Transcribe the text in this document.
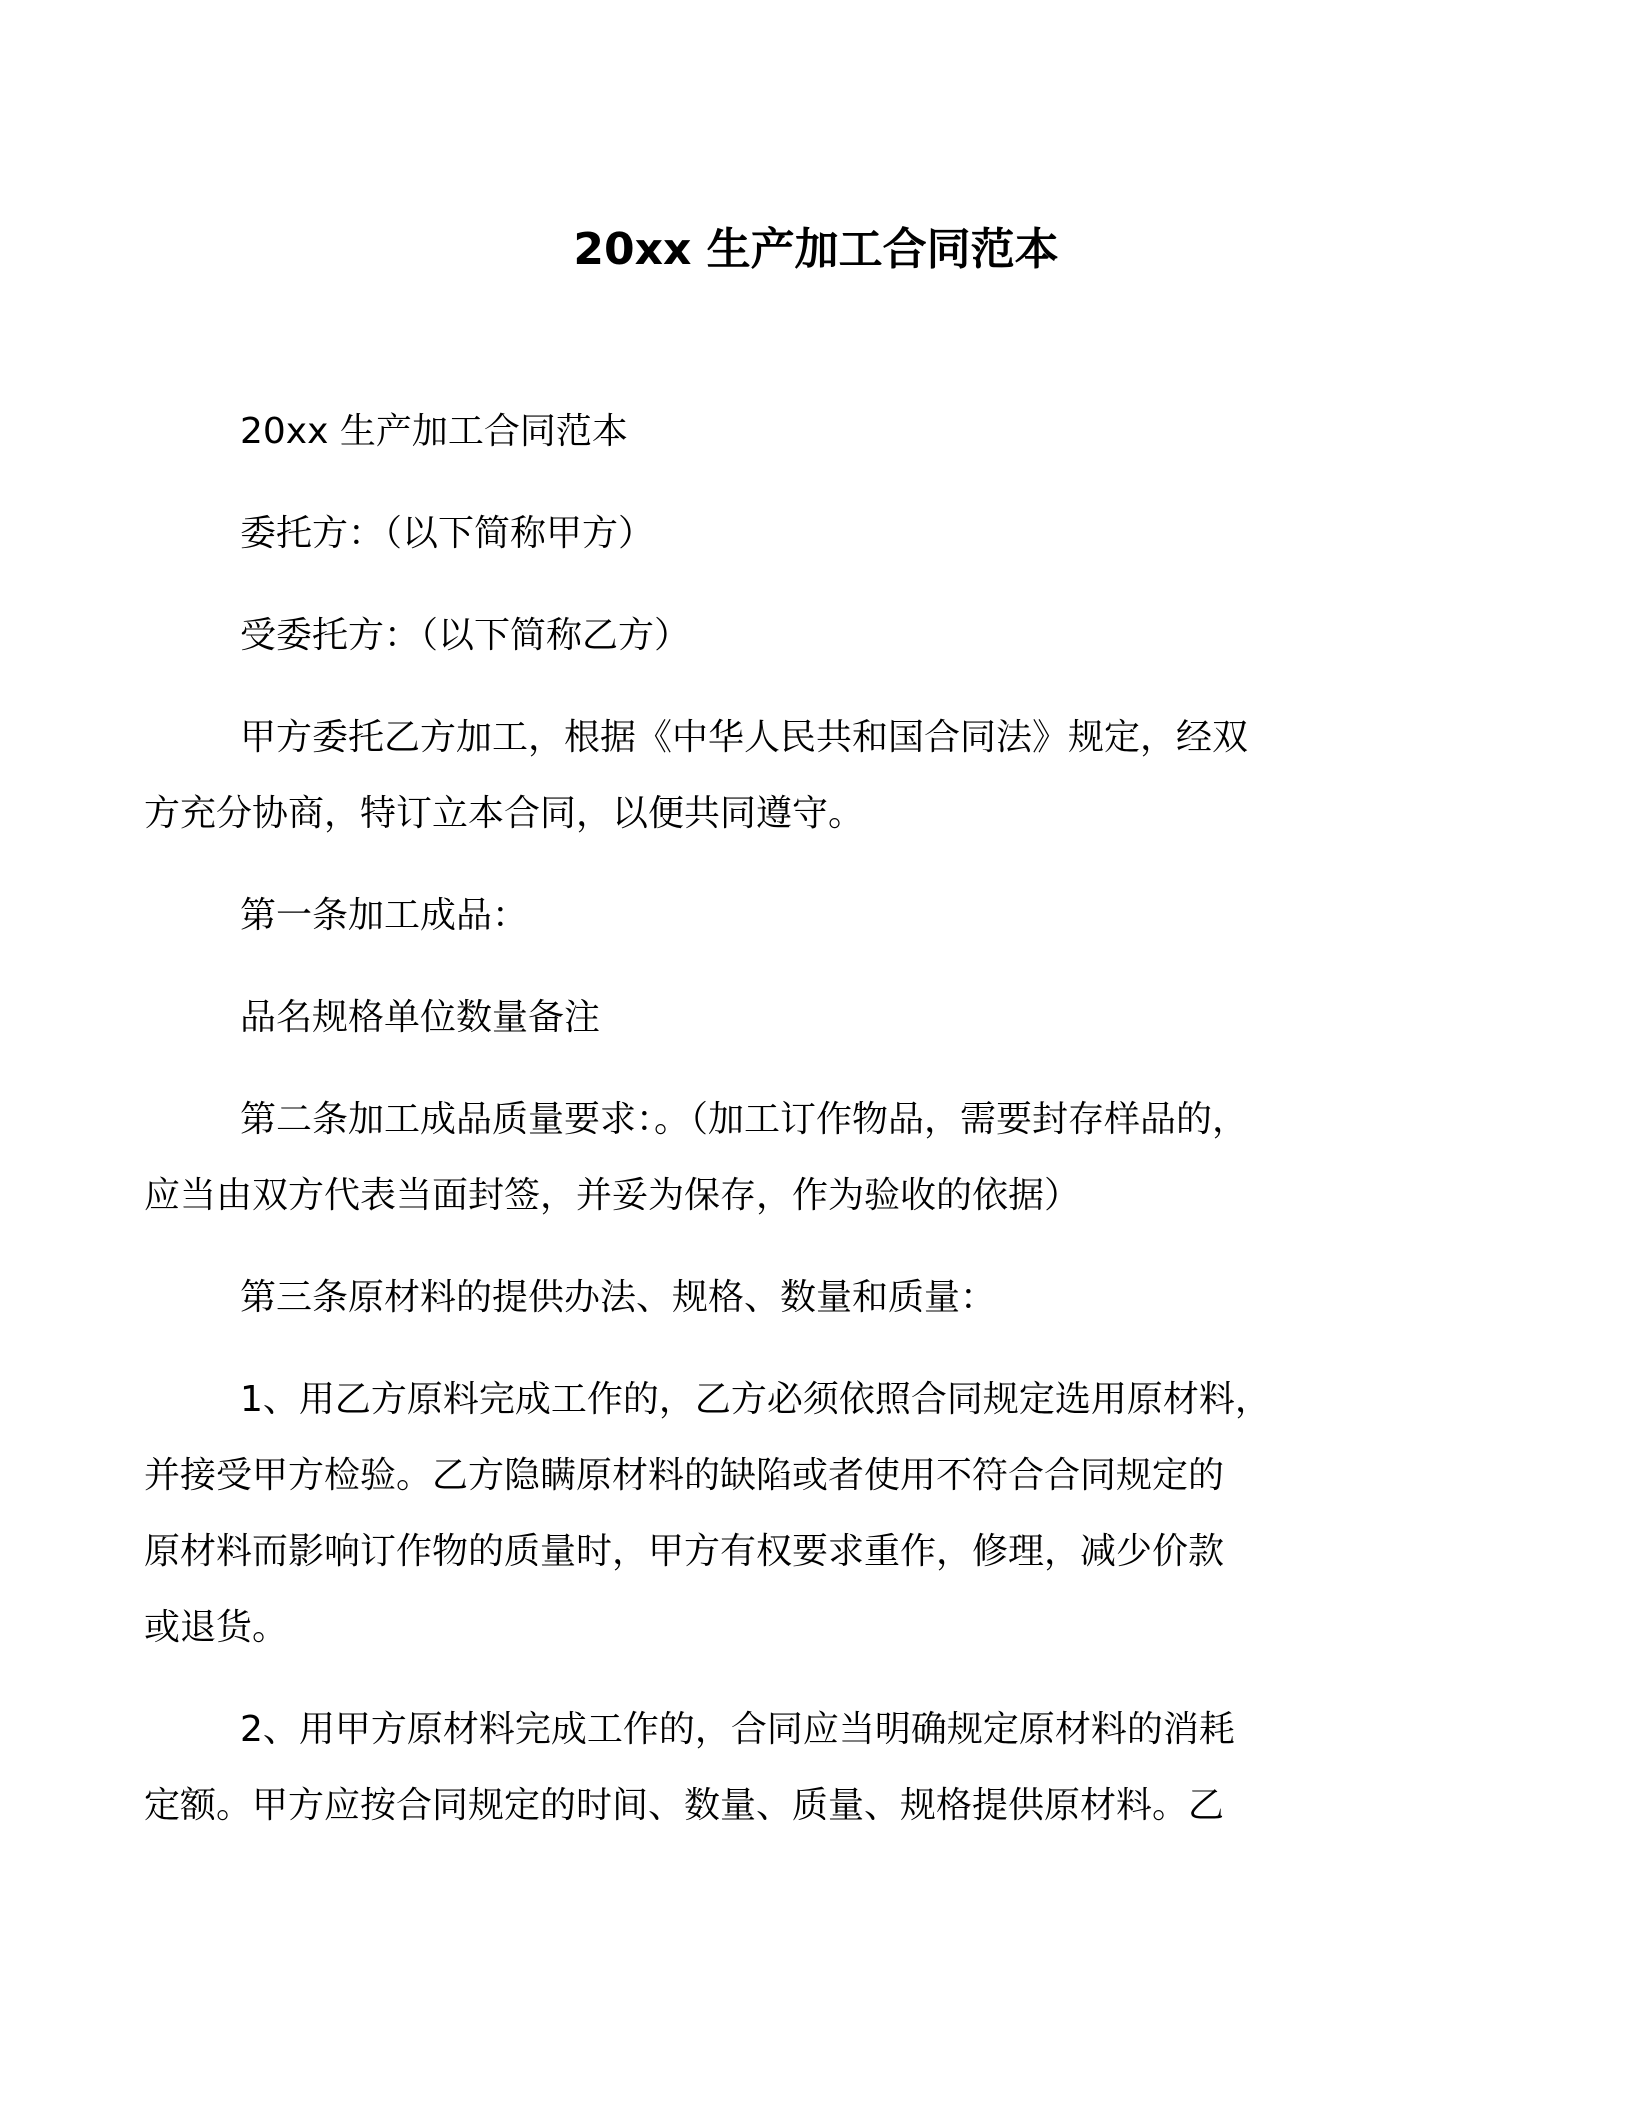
20xx 生产加工合同范本

20xx 生产加工合同范本

委托方：（以下简称甲方）

受委托方：（以下简称乙方）

甲方委托乙方加工，根据《中华人民共和国合同法》规定，经双
方充分协商，特订立本合同，以便共同遵守。

第一条加工成品：

品名规格单位数量备注

第二条加工成品质量要求：。（加工订作物品，需要封存样品的，
应当由双方代表当面封签，并妥为保存，作为验收的依据）

第三条原材料的提供办法、规格、数量和质量：

1、用乙方原料完成工作的，乙方必须依照合同规定选用原材料，
并接受甲方检验。乙方隐瞒原材料的缺陷或者使用不符合合同规定的
原材料而影响订作物的质量时，甲方有权要求重作，修理，减少价款
或退货。

2、用甲方原材料完成工作的，合同应当明确规定原材料的消耗
定额。甲方应按合同规定的时间、数量、质量、规格提供原材料。乙
